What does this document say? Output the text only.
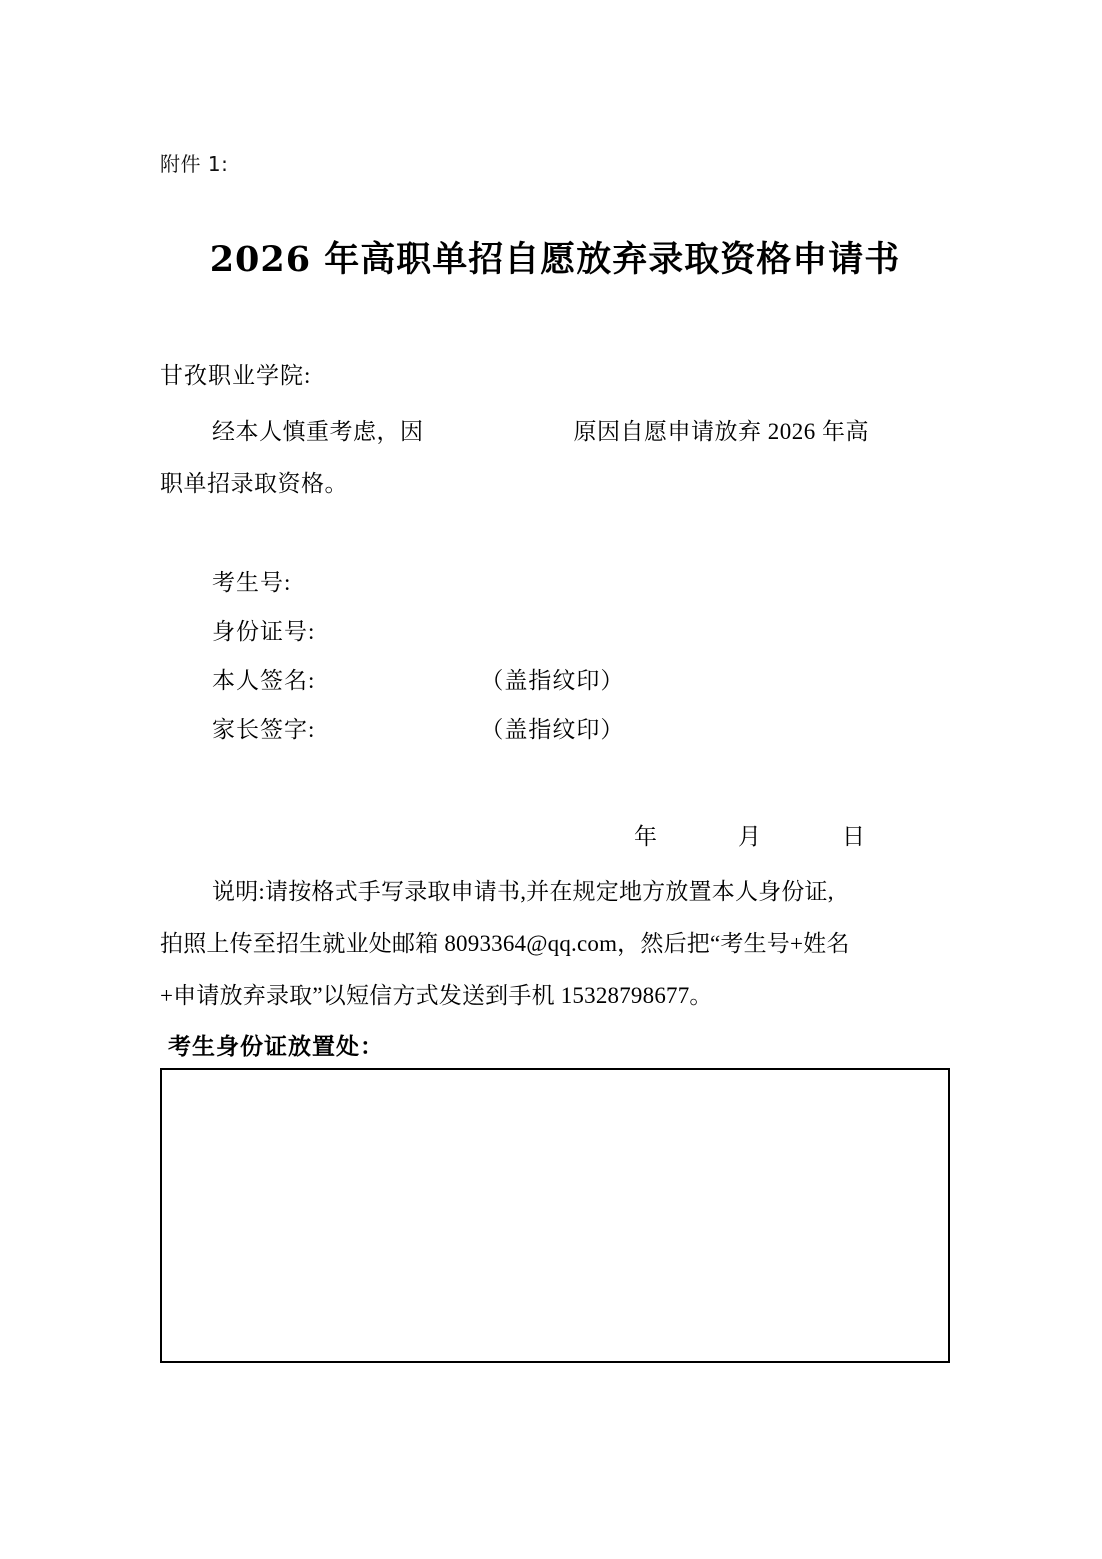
附件 1:
2026 年高职单招自愿放弃录取资格申请书
甘孜职业学院:
经本人慎重考虑，因	原因自愿申请放弃 2026 年高
职单招录取资格。
考生号:
身份证号:
本人签名:	（盖指纹印）
家长签字:	（盖指纹印）
年	月	日
说明:请按格式手写录取申请书,并在规定地方放置本人身份证,
拍照上传至招生就业处邮箱 8093364@qq.com，然后把“考生号+姓名
+申请放弃录取”以短信方式发送到手机 15328798677。
考生身份证放置处：
